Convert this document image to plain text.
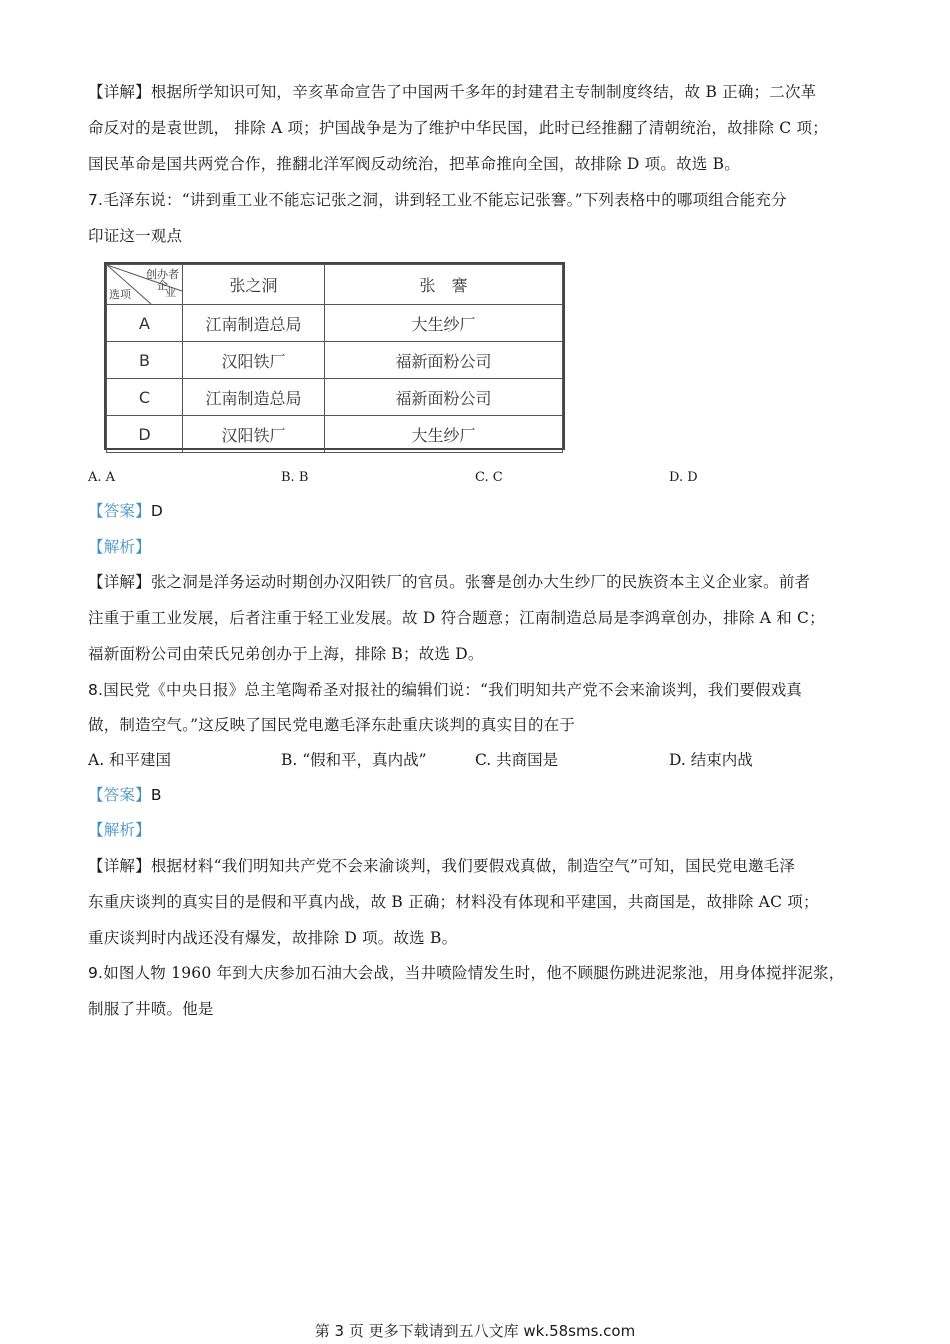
【详解】根据所学知识可知，辛亥革命宣告了中国两千多年的封建君主专制制度终结，故 B 正确；二次革
命反对的是袁世凯， 排除 A 项；护国战争是为了维护中华民国，此时已经推翻了清朝统治，故排除 C 项；
国民革命是国共两党合作，推翻北洋军阀反动统治，把革命推向全国，故排除 D 项。故选 B。
7.毛泽东说：“讲到重工业不能忘记张之洞，讲到轻工业不能忘记张謇。”下列表格中的哪项组合能充分
印证这一观点
创办者
企
业
选项	张之洞	张　謇
A	江南制造总局	大生纱厂
B	汉阳铁厂	福新面粉公司
C	江南制造总局	福新面粉公司
D	汉阳铁厂	大生纱厂
A. A	B. B	C. C	D. D
【答案】D
【解析】
【详解】张之洞是洋务运动时期创办汉阳铁厂的官员。张謇是创办大生纱厂的民族资本主义企业家。前者
注重于重工业发展，后者注重于轻工业发展。故 D 符合题意；江南制造总局是李鸿章创办，排除 A 和 C；
福新面粉公司由荣氏兄弟创办于上海，排除 B；故选 D。
8.国民党《中央日报》总主笔陶希圣对报社的编辑们说：“我们明知共产党不会来渝谈判，我们要假戏真
做，制造空气。”这反映了国民党电邀毛泽东赴重庆谈判的真实目的在于
A. 和平建国	B. “假和平，真内战”	C. 共商国是	D. 结束内战
【答案】B
【解析】
【详解】根据材料“我们明知共产党不会来渝谈判，我们要假戏真做，制造空气”可知，国民党电邀毛泽
东重庆谈判的真实目的是假和平真内战，故 B 正确；材料没有体现和平建国，共商国是，故排除 AC 项；
重庆谈判时内战还没有爆发，故排除 D 项。故选 B。
9.如图人物 1960 年到大庆参加石油大会战，当井喷险情发生时，他不顾腿伤跳进泥浆池，用身体搅拌泥浆，
制服了井喷。他是
第 3 页 更多下载请到五八文库 wk.58sms.com
